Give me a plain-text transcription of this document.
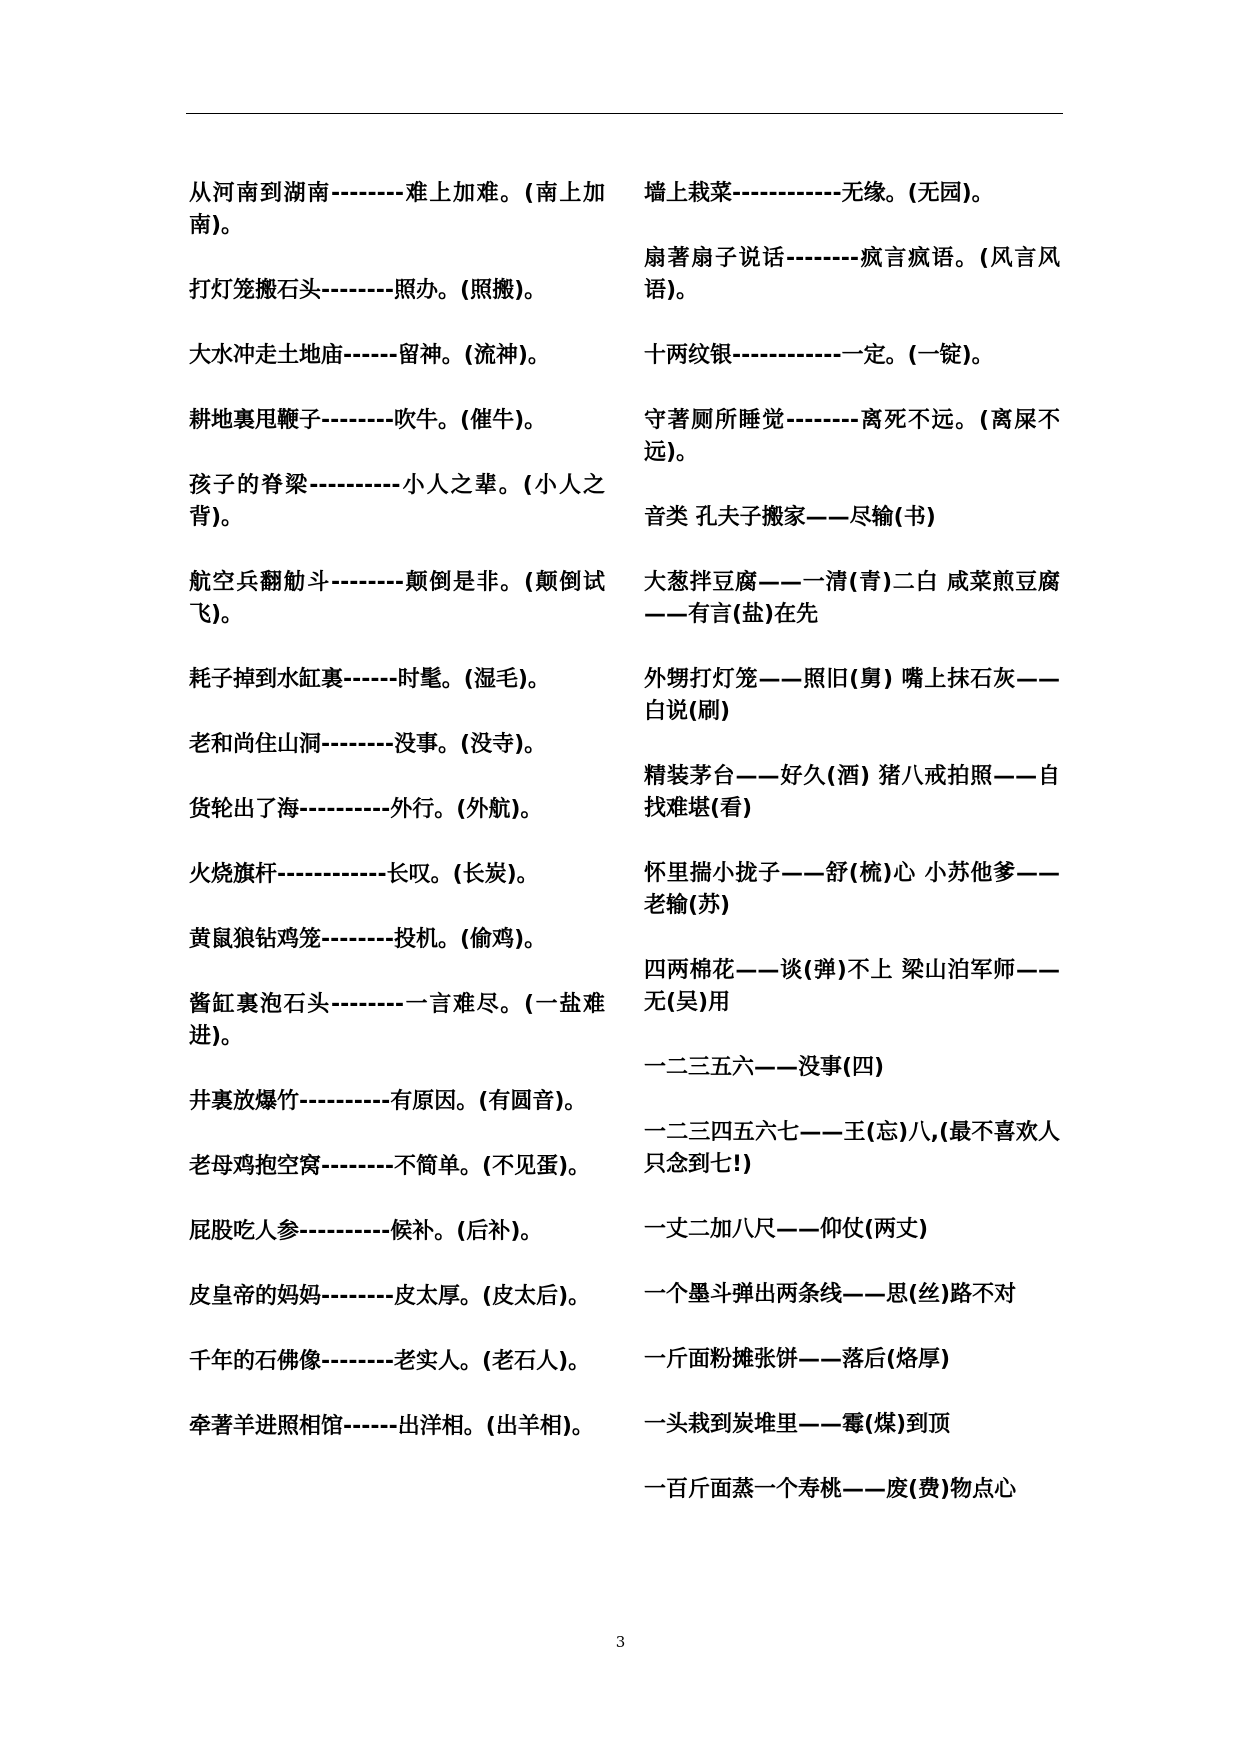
从河南到湖南--------难上加难。(南上加南)。

打灯笼搬石头--------照办。(照搬)。

大水冲走土地庙------留神。(流神)。

耕地裏甩鞭子--------吹牛。(催牛)。

孩子的脊梁----------小人之辈。(小人之背)。

航空兵翻觔斗--------颠倒是非。(颠倒试飞)。

耗子掉到水缸裏------时髦。(湿毛)。

老和尚住山洞--------没事。(没寺)。

货轮出了海----------外行。(外航)。

火烧旗杆------------长叹。(长炭)。

黄鼠狼钻鸡笼--------投机。(偷鸡)。

酱缸裏泡石头--------一言难尽。(一盐难进)。

井裏放爆竹----------有原因。(有圆音)。

老母鸡抱空窝--------不简单。(不见蛋)。

屁股吃人参----------候补。(后补)。

皮皇帝的妈妈--------皮太厚。(皮太后)。

千年的石佛像--------老实人。(老石人)。

牵著羊进照相馆------出洋相。(出羊相)。

墙上栽菜------------无缘。(无园)。

扇著扇子说话--------疯言疯语。(风言风语)。

十两纹银------------一定。(一锭)。

守著厕所睡觉--------离死不远。(离屎不远)。

音类 孔夫子搬家——尽输(书)

大葱拌豆腐——一清(青)二白 咸菜煎豆腐——有言(盐)在先

外甥打灯笼——照旧(舅) 嘴上抹石灰——白说(刷)

精装茅台——好久(酒) 猪八戒拍照——自找难堪(看)

怀里揣小拢子——舒(梳)心 小苏他爹——老输(苏)

四两棉花——谈(弹)不上 梁山泊军师——无(吴)用

一二三五六——没事(四)

一二三四五六七——王(忘)八,(最不喜欢人只念到七!)

一丈二加八尺——仰仗(两丈)

一个墨斗弹出两条线——思(丝)路不对

一斤面粉摊张饼——落后(烙厚)

一头栽到炭堆里——霉(煤)到顶

一百斤面蒸一个寿桃——废(费)物点心

3
